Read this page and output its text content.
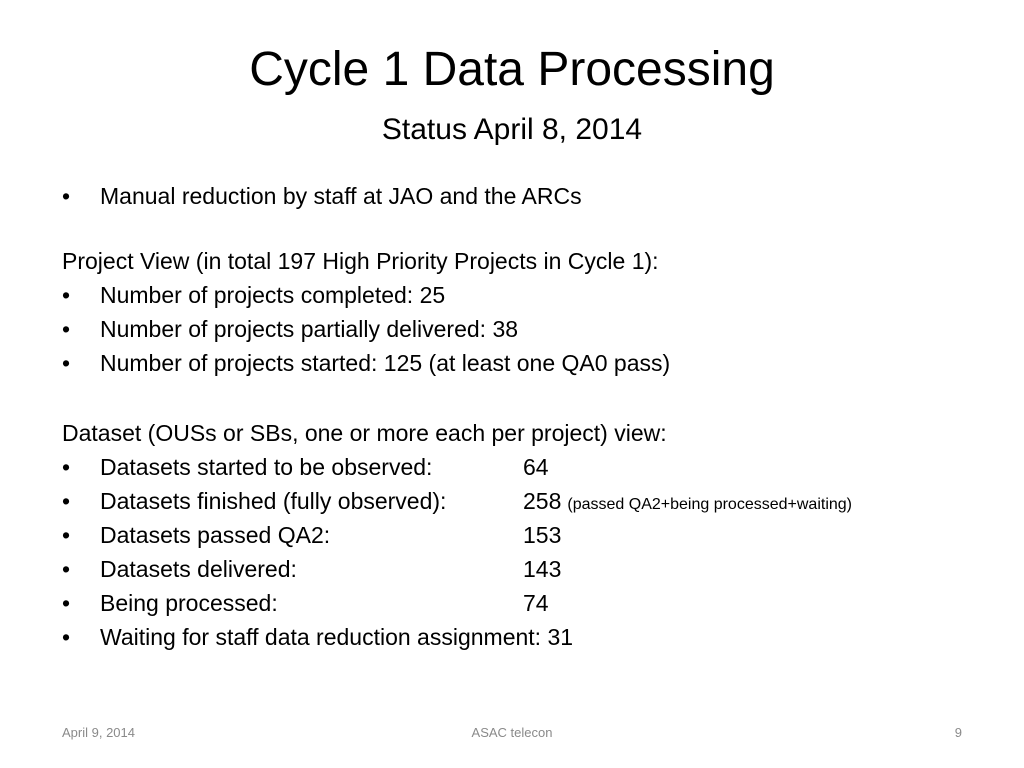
Cycle 1 Data Processing
Status April 8, 2014
•	Manual reduction by staff at JAO and the ARCs
Project View (in total 197 High Priority Projects in Cycle 1):
•	Number of projects completed: 25
•	Number of projects partially delivered: 38
•	Number of projects started: 125 (at least one QA0 pass)
Dataset (OUSs or SBs, one or more each per project) view:
•	Datasets started to be observed:	64
•	Datasets finished (fully observed):	258 (passed QA2+being processed+waiting)
•	Datasets passed QA2:	153
•	Datasets delivered:	143
•	Being processed:	74
•	Waiting for staff data reduction assignment: 31
April 9, 2014	ASAC telecon	9
